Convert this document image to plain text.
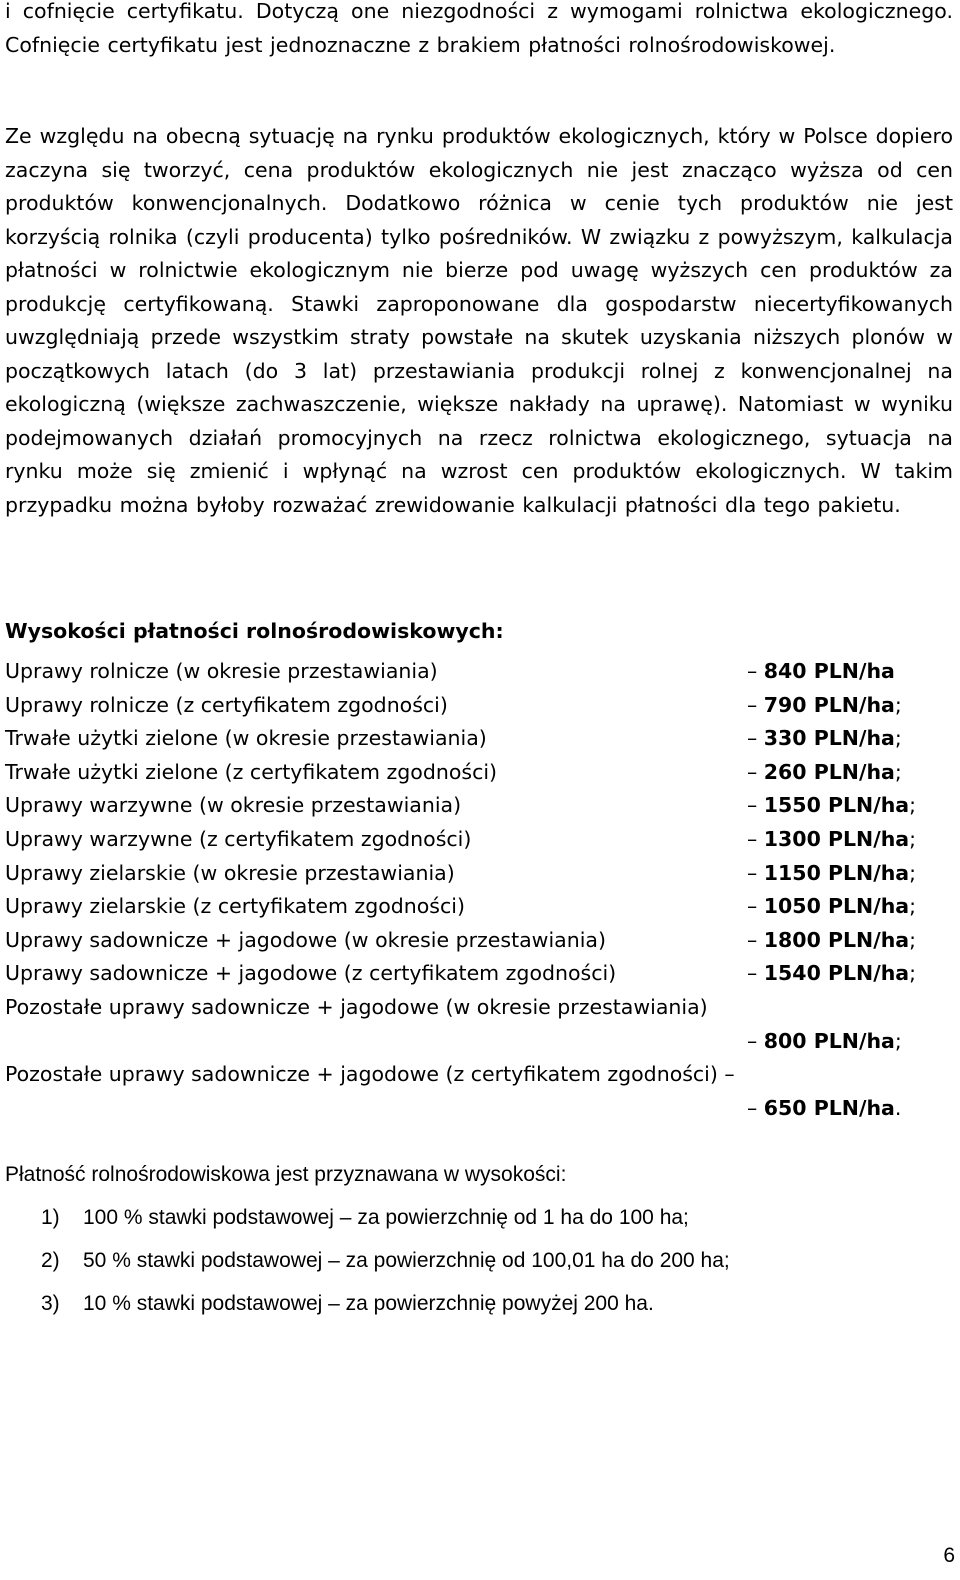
i cofnięcie certyfikatu. Dotyczą one niezgodności z wymogami rolnictwa ekologicznego. Cofnięcie certyfikatu jest jednoznaczne z brakiem płatności rolnośrodowiskowej.

Ze względu na obecną sytuację na rynku produktów ekologicznych, który w Polsce dopiero zaczyna się tworzyć, cena produktów ekologicznych nie jest znacząco wyższa od cen produktów konwencjonalnych. Dodatkowo różnica w cenie tych produktów nie jest korzyścią rolnika (czyli producenta) tylko pośredników. W związku z powyższym, kalkulacja płatności w rolnictwie ekologicznym nie bierze pod uwagę wyższych cen produktów za produkcję certyfikowaną. Stawki zaproponowane dla gospodarstw niecertyfikowanych uwzględniają przede wszystkim straty powstałe na skutek uzyskania niższych plonów w początkowych latach (do 3 lat) przestawiania produkcji rolnej z konwencjonalnej na ekologiczną (większe zachwaszczenie, większe nakłady na uprawę). Natomiast w wyniku podejmowanych działań promocyjnych na rzecz rolnictwa ekologicznego, sytuacja na rynku może się zmienić i wpłynąć na wzrost cen produktów ekologicznych. W takim przypadku można byłoby rozważać zrewidowanie kalkulacji płatności dla tego pakietu.

Wysokości płatności rolnośrodowiskowych:
Uprawy rolnicze (w okresie przestawiania)	– 840 PLN/ha
Uprawy rolnicze (z certyfikatem zgodności)	– 790 PLN/ha;
Trwałe użytki zielone (w okresie przestawiania)	– 330 PLN/ha;
Trwałe użytki zielone (z certyfikatem zgodności)	– 260 PLN/ha;
Uprawy warzywne (w okresie przestawiania)	– 1550 PLN/ha;
Uprawy warzywne (z certyfikatem zgodności)	– 1300 PLN/ha;
Uprawy zielarskie (w okresie przestawiania)	– 1150 PLN/ha;
Uprawy zielarskie (z certyfikatem zgodności)	– 1050 PLN/ha;
Uprawy sadownicze + jagodowe (w okresie przestawiania)	– 1800 PLN/ha;
Uprawy sadownicze + jagodowe (z certyfikatem zgodności)	– 1540 PLN/ha;
Pozostałe uprawy sadownicze + jagodowe (w okresie przestawiania)
– 800 PLN/ha;
Pozostałe uprawy sadownicze + jagodowe (z certyfikatem zgodności) –
– 650 PLN/ha.
Płatność rolnośrodowiskowa jest przyznawana w wysokości:
1)	100 % stawki podstawowej – za powierzchnię od 1 ha do 100 ha;
2)	50 % stawki podstawowej – za powierzchnię od 100,01 ha do 200 ha;
3)	10 % stawki podstawowej – za powierzchnię powyżej 200 ha.
6
